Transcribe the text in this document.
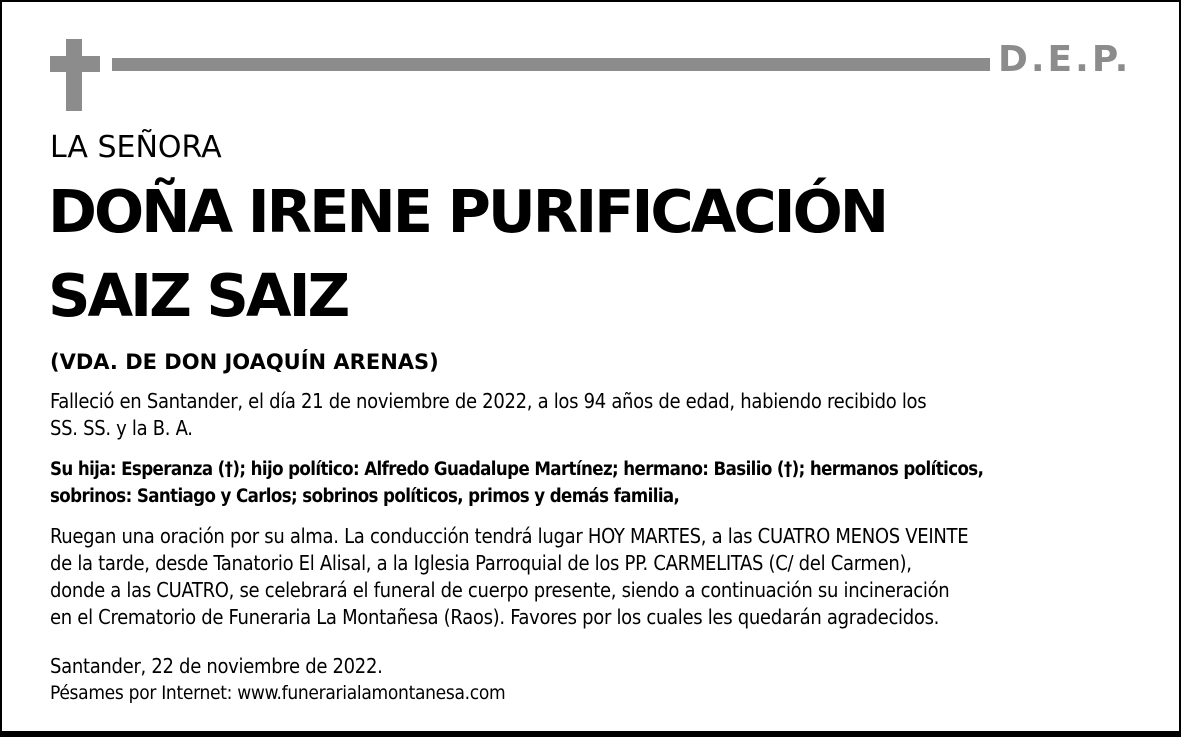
D.E.P.
LA SEÑORA
DOÑA IRENE PURIFICACIÓN
SAIZ SAIZ
(VDA. DE DON JOAQUÍN ARENAS)
Falleció en Santander, el día 21 de noviembre de 2022, a los 94 años de edad, habiendo recibido los
SS. SS. y la B. A.
Su hija: Esperanza (†); hijo político: Alfredo Guadalupe Martínez; hermano: Basilio (†); hermanos políticos,
sobrinos: Santiago y Carlos; sobrinos políticos, primos y demás familia,
Ruegan una oración por su alma. La conducción tendrá lugar HOY MARTES, a las CUATRO MENOS VEINTE
de la tarde, desde Tanatorio El Alisal, a la Iglesia Parroquial de los PP. CARMELITAS (C/ del Carmen),
donde a las CUATRO, se celebrará el funeral de cuerpo presente, siendo a continuación su incineración
en el Crematorio de Funeraria La Montañesa (Raos). Favores por los cuales les quedarán agradecidos.
Santander, 22 de noviembre de 2022.
Pésames por Internet: www.funerarialamontanesa.com
